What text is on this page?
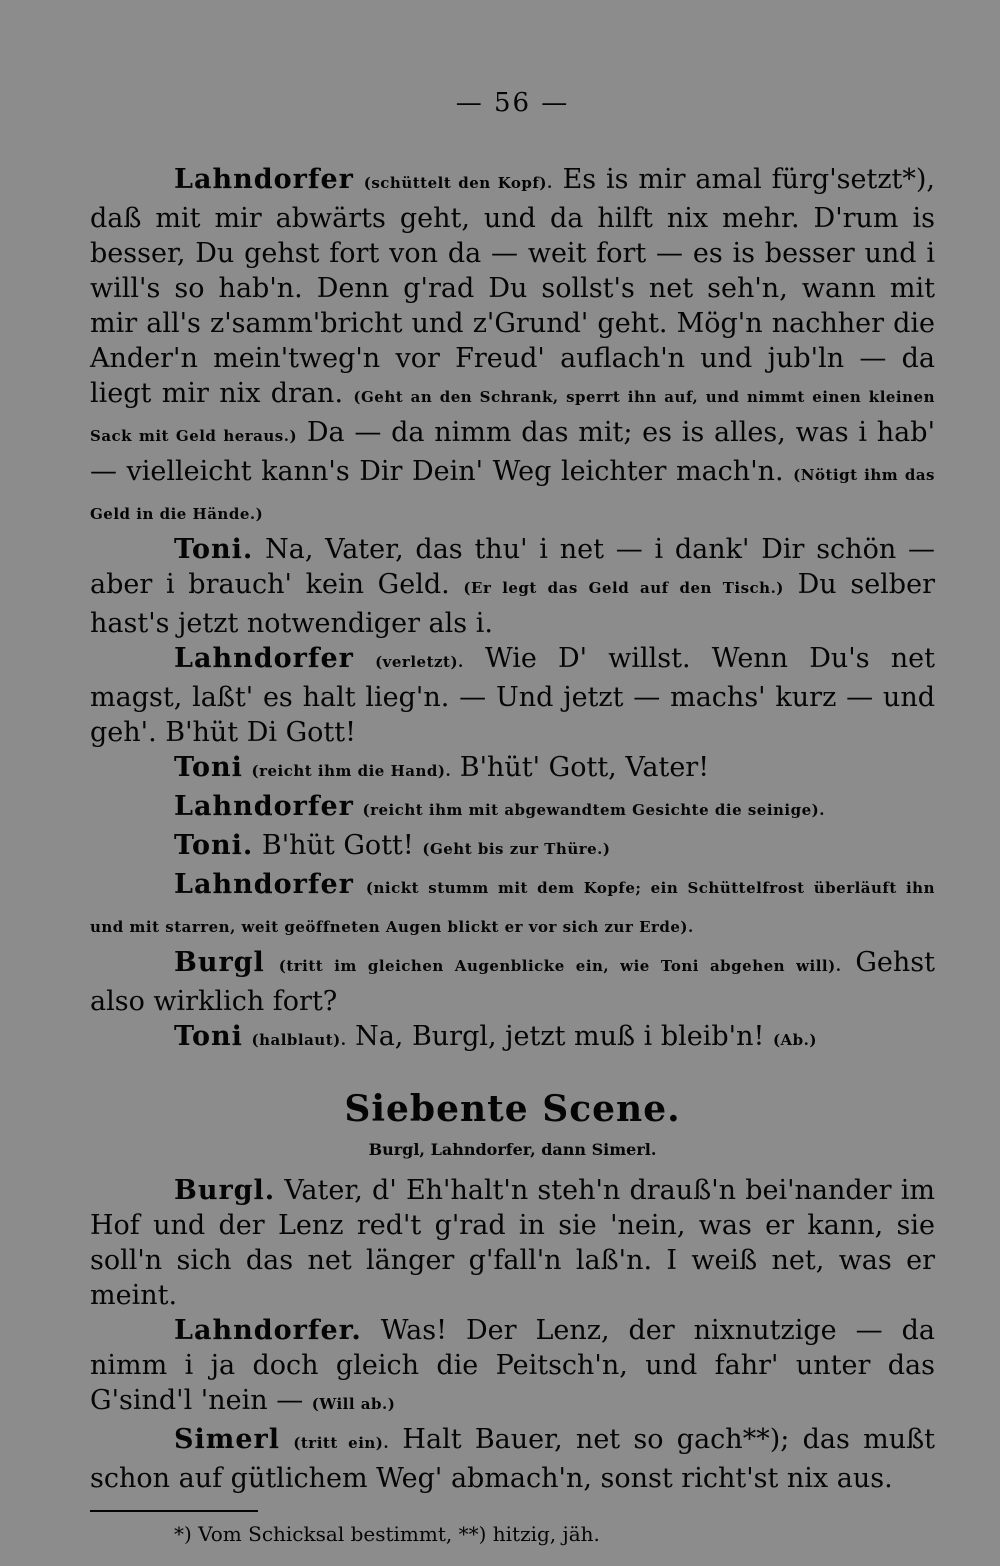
— 56 —

Lahndorfer (schüttelt den Kopf). Es is mir amal fürg'setzt*), daß mit mir abwärts geht, und da hilft nix mehr. D'rum is besser, Du gehst fort von da — weit fort — es is besser und i will's so hab'n. Denn g'rad Du sollst's net seh'n, wann mit mir all's z'samm'bricht und z'Grund' geht. Mög'n nachher die Ander'n mein'tweg'n vor Freud' auflach'n und jub'ln — da liegt mir nix dran. (Geht an den Schrank, sperrt ihn auf, und nimmt einen kleinen Sack mit Geld heraus.) Da — da nimm das mit; es is alles, was i hab' — vielleicht kann's Dir Dein' Weg leichter mach'n. (Nötigt ihm das Geld in die Hände.)

Toni. Na, Vater, das thu' i net — i dank' Dir schön — aber i brauch' kein Geld. (Er legt das Geld auf den Tisch.) Du selber hast's jetzt notwendiger als i.

Lahndorfer (verletzt). Wie D' willst. Wenn Du's net magst, laßt' es halt lieg'n. — Und jetzt — machs' kurz — und geh'. B'hüt Di Gott!

Toni (reicht ihm die Hand). B'hüt' Gott, Vater!

Lahndorfer (reicht ihm mit abgewandtem Gesichte die seinige).

Toni. B'hüt Gott! (Geht bis zur Thüre.)

Lahndorfer (nickt stumm mit dem Kopfe; ein Schüttelfrost überläuft ihn und mit starren, weit geöffneten Augen blickt er vor sich zur Erde).

Burgl (tritt im gleichen Augenblicke ein, wie Toni abgehen will). Gehst also wirklich fort?

Toni (halblaut). Na, Burgl, jetzt muß i bleib'n! (Ab.)

Siebente Scene.
Burgl, Lahndorfer, dann Simerl.

Burgl. Vater, d' Eh'halt'n steh'n drauß'n bei'nander im Hof und der Lenz red't g'rad in sie 'nein, was er kann, sie soll'n sich das net länger g'fall'n laß'n. I weiß net, was er meint.

Lahndorfer. Was! Der Lenz, der nixnutzige — da nimm i ja doch gleich die Peitsch'n, und fahr' unter das G'sind'l 'nein — (Will ab.)

Simerl (tritt ein). Halt Bauer, net so gach**); das mußt schon auf gütlichem Weg' abmach'n, sonst richt'st nix aus.

*) Vom Schicksal bestimmt, **) hitzig, jäh.
